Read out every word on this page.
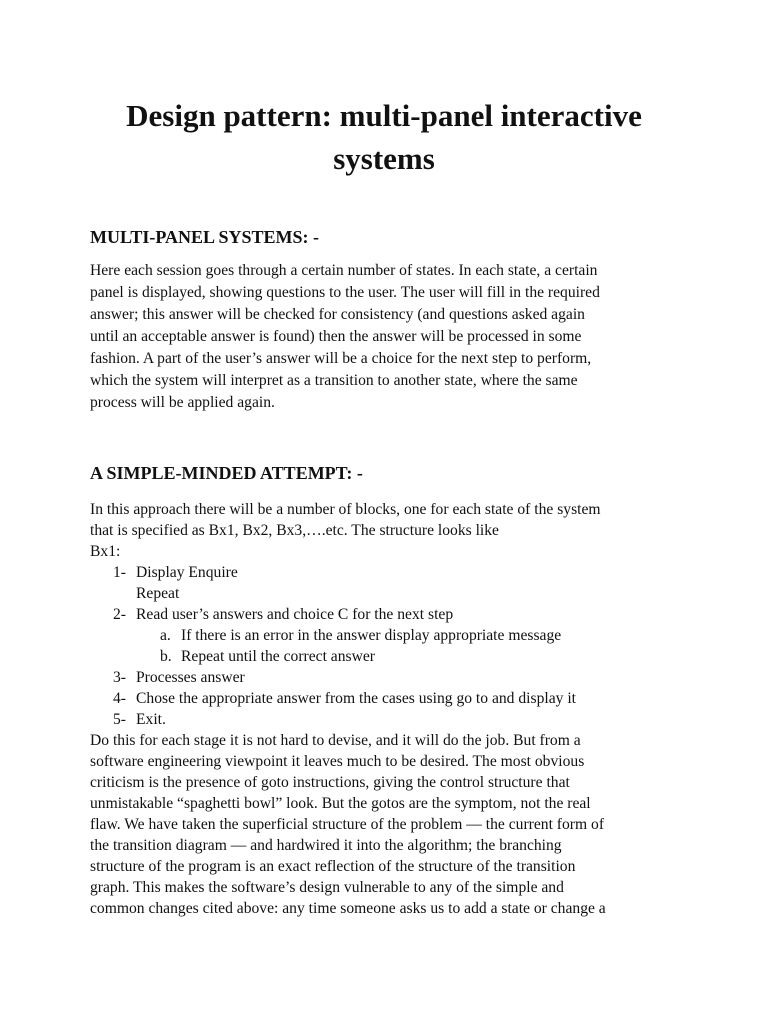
Design pattern: multi-panel interactive
systems
MULTI-PANEL SYSTEMS: -
Here each session goes through a certain number of states. In each state, a certain
panel is displayed, showing questions to the user. The user will fill in the required
answer; this answer will be checked for consistency (and questions asked again
until an acceptable answer is found) then the answer will be processed in some
fashion. A part of the user’s answer will be a choice for the next step to perform,
which the system will interpret as a transition to another state, where the same
process will be applied again.
A SIMPLE-MINDED ATTEMPT: -
In this approach there will be a number of blocks, one for each state of the system
that is specified as Bx1, Bx2, Bx3,….etc. The structure looks like
Bx1:
1- Display Enquire
Repeat
2- Read user’s answers and choice C for the next step
a. If there is an error in the answer display appropriate message
b. Repeat until the correct answer
3- Processes answer
4- Chose the appropriate answer from the cases using go to and display it
5- Exit.
Do this for each stage it is not hard to devise, and it will do the job. But from a
software engineering viewpoint it leaves much to be desired. The most obvious
criticism is the presence of goto instructions, giving the control structure that
unmistakable “spaghetti bowl” look. But the gotos are the symptom, not the real
flaw. We have taken the superficial structure of the problem — the current form of
the transition diagram — and hardwired it into the algorithm; the branching
structure of the program is an exact reflection of the structure of the transition
graph. This makes the software’s design vulnerable to any of the simple and
common changes cited above: any time someone asks us to add a state or change a
